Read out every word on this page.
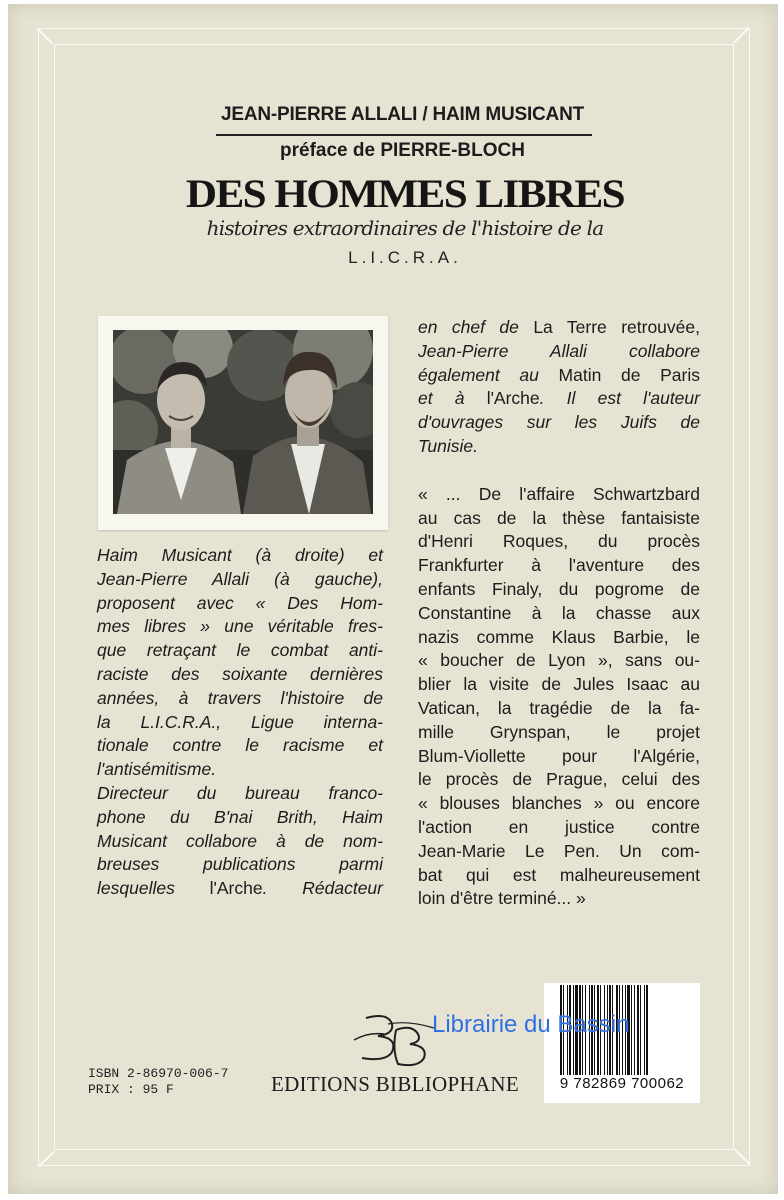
JEAN-PIERRE ALLALI / HAIM MUSICANT
préface de PIERRE-BLOCH
DES HOMMES LIBRES
histoires extraordinaires de l'histoire de la
L.I.C.R.A.
Haim Musicant (à droite) et
Jean-Pierre Allali (à gauche),
proposent avec « Des Hom-
mes libres » une véritable fres-
que retraçant le combat anti-
raciste des soixante dernières
années, à travers l'histoire de
la L.I.C.R.A., Ligue interna-
tionale contre le racisme et
l'antisémitisme.
Directeur du bureau franco-
phone du B'nai Brith, Haim
Musicant collabore à de nom-
breuses publications parmi
lesquelles l'Arche. Rédacteur
en chef de La Terre retrouvée,
Jean-Pierre Allali collabore
également au Matin de Paris
et à l'Arche. Il est l'auteur
d'ouvrages sur les Juifs de
Tunisie.
« ... De l'affaire Schwartzbard
au cas de la thèse fantaisiste
d'Henri Roques, du procès
Frankfurter à l'aventure des
enfants Finaly, du pogrome de
Constantine à la chasse aux
nazis comme Klaus Barbie, le
« boucher de Lyon », sans ou-
blier la visite de Jules Isaac au
Vatican, la tragédie de la fa-
mille Grynspan, le projet
Blum-Viollette pour l'Algérie,
le procès de Prague, celui des
« blouses blanches » ou encore
l'action en justice contre
Jean-Marie Le Pen. Un com-
bat qui est malheureusement
loin d'être terminé... »
9 782869 700062
Librairie du Bassin
ISBN 2-86970-006-7
PRIX : 95 F	EDITIONS BIBLIOPHANE
